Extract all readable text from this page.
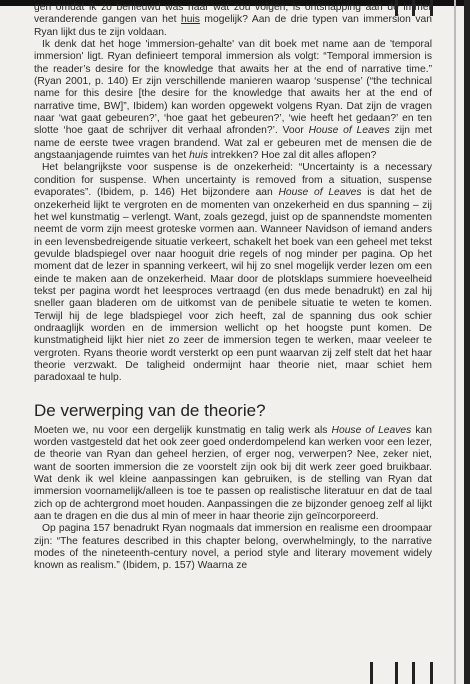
gen omdat ik zo benieuwd was naar wat zou volgen; is ontsnapping aan de immer veranderende gangen van het huis mogelijk? Aan de drie typen van immersion van Ryan lijkt dus te zijn voldaan.

Ik denk dat het hoge 'immersion-gehalte' van dit boek met name aan de 'temporal immersion' ligt. Ryan definieert temporal immersion als volgt: “Temporal immersion is the reader’s desire for the knowledge that awaits her at the end of narrative time.” (Ryan 2001, p. 140) Er zijn verschillende manieren waarop ‘suspense’ (“the technical name for this desire [the desire for the knowledge that awaits her at the end of narrative time, BW]”, Ibidem) kan worden opgewekt volgens Ryan. Dat zijn de vragen naar ‘wat gaat gebeuren?’, ‘hoe gaat het gebeuren?’, ‘wie heeft het gedaan?’ en ten slotte ‘hoe gaat de schrijver dit verhaal afronden?’. Voor House of Leaves zijn met name de eerste twee vragen brandend. Wat zal er gebeuren met de mensen die de angstaanjagende ruimtes van het huis intrekken? Hoe zal dit alles aflopen?

Het belangrijkste voor suspense is de onzekerheid: “Uncertainty is a necessary condition for suspense. When uncertainty is removed from a situation, suspense evaporates”. (Ibidem, p. 146) Het bijzondere aan House of Leaves is dat het de onzekerheid lijkt te vergroten en de momenten van onzekerheid en dus spanning – zij het wel kunstmatig – verlengt. Want, zoals gezegd, juist op de spannendste momenten neemt de vorm zijn meest groteske vormen aan. Wanneer Navidson of iemand anders in een levensbedreigende situatie verkeert, schakelt het boek van een geheel met tekst gevulde bladspiegel over naar hooguit drie regels of nog minder per pagina. Op het moment dat de lezer in spanning verkeert, wil hij zo snel mogelijk verder lezen om een einde te maken aan de onzekerheid. Maar door de plotsklaps summiere hoeveelheid tekst per pagina wordt het leesproces vertraagd (en dus mede benadrukt) en zal hij sneller gaan bladeren om de uitkomst van de penibele situatie te weten te komen. Terwijl hij de lege bladspiegel voor zich heeft, zal de spanning dus ook schier ondraaglijk worden en de immersion wellicht op het hoogste punt komen. De kunstmatigheid lijkt hier niet zo zeer de immersion tegen te werken, maar veeleer te vergroten. Ryans theorie wordt versterkt op een punt waarvan zij zelf stelt dat het haar theorie verzwakt. De taligheid ondermijnt haar theorie niet, maar schiet hem paradoxaal te hulp.

De verwerping van de theorie?

Moeten we, nu voor een dergelijk kunstmatig en talig werk als House of Leaves kan worden vastgesteld dat het ook zeer goed onderdompelend kan werken voor een lezer, de theorie van Ryan dan geheel herzien, of erger nog, verwerpen? Nee, zeker niet, want de soorten immersion die ze voorstelt zijn ook bij dit werk zeer goed bruikbaar. Wat denk ik wel kleine aanpassingen kan gebruiken, is de stelling van Ryan dat immersion voornamelijk/alleen is toe te passen op realistische literatuur en dat de taal zich op de achtergrond moet houden. Aanpassingen die ze bijzonder genoeg zelf al lijkt aan te dragen en die dus al min of meer in haar theorie zijn geïncorporeerd.

Op pagina 157 benadrukt Ryan nogmaals dat immersion en realisme een droompaar zijn: “The features described in this chapter belong, overwhelmingly, to the narrative modes of the nineteenth-century novel, a period style and literary movement widely known as realism.” (Ibidem, p. 157) Waarna ze
